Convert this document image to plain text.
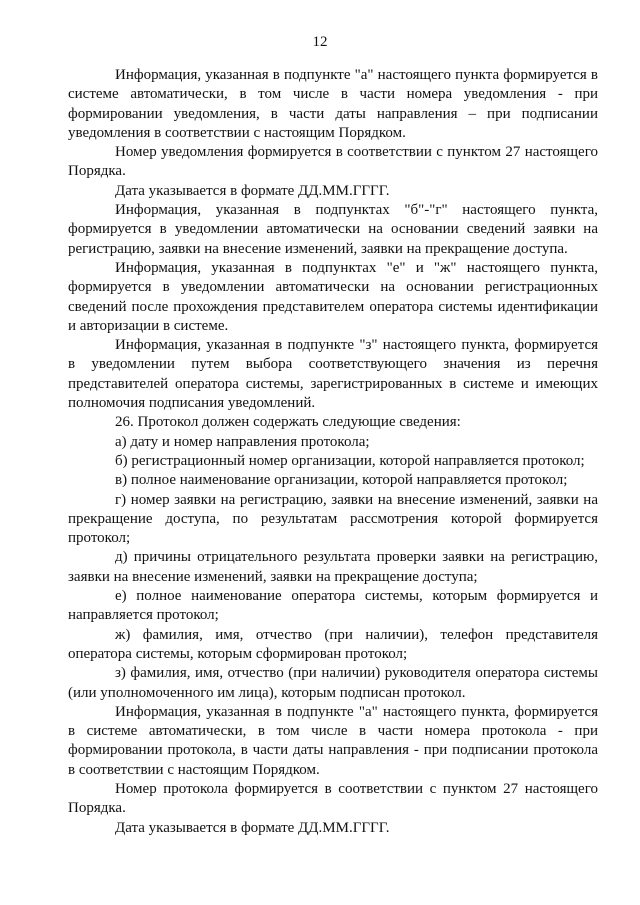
12

Информация, указанная в подпункте "а" настоящего пункта формируется в системе автоматически, в том числе в части номера уведомления - при формировании уведомления, в части даты направления – при подписании уведомления в соответствии с настоящим Порядком.

Номер уведомления формируется в соответствии с пунктом 27 настоящего Порядка.

Дата указывается в формате ДД.ММ.ГГГГ.

Информация, указанная в подпунктах "б"-"г" настоящего пункта, формируется в уведомлении автоматически на основании сведений заявки на регистрацию, заявки на внесение изменений, заявки на прекращение доступа.

Информация, указанная в подпунктах "е" и "ж" настоящего пункта, формируется в уведомлении автоматически на основании регистрационных сведений после прохождения представителем оператора системы идентификации и авторизации в системе.

Информация, указанная в подпункте "з" настоящего пункта, формируется в уведомлении путем выбора соответствующего значения из перечня представителей оператора системы, зарегистрированных в системе и имеющих полномочия подписания уведомлений.

26. Протокол должен содержать следующие сведения:

а) дату и номер направления протокола;

б) регистрационный номер организации, которой направляется протокол;

в) полное наименование организации, которой направляется протокол;

г) номер заявки на регистрацию, заявки на внесение изменений, заявки на прекращение доступа, по результатам рассмотрения которой формируется протокол;

д) причины отрицательного результата проверки заявки на регистрацию, заявки на внесение изменений, заявки на прекращение доступа;

е) полное наименование оператора системы, которым формируется и направляется протокол;

ж) фамилия, имя, отчество (при наличии), телефон представителя оператора системы, которым сформирован протокол;

з) фамилия, имя, отчество (при наличии) руководителя оператора системы (или уполномоченного им лица), которым подписан протокол.

Информация, указанная в подпункте "а" настоящего пункта, формируется в системе автоматически, в том числе в части номера протокола - при формировании протокола, в части даты направления - при подписании протокола в соответствии с настоящим Порядком.

Номер протокола формируется в соответствии с пунктом 27 настоящего Порядка.

Дата указывается в формате ДД.ММ.ГГГГ.
